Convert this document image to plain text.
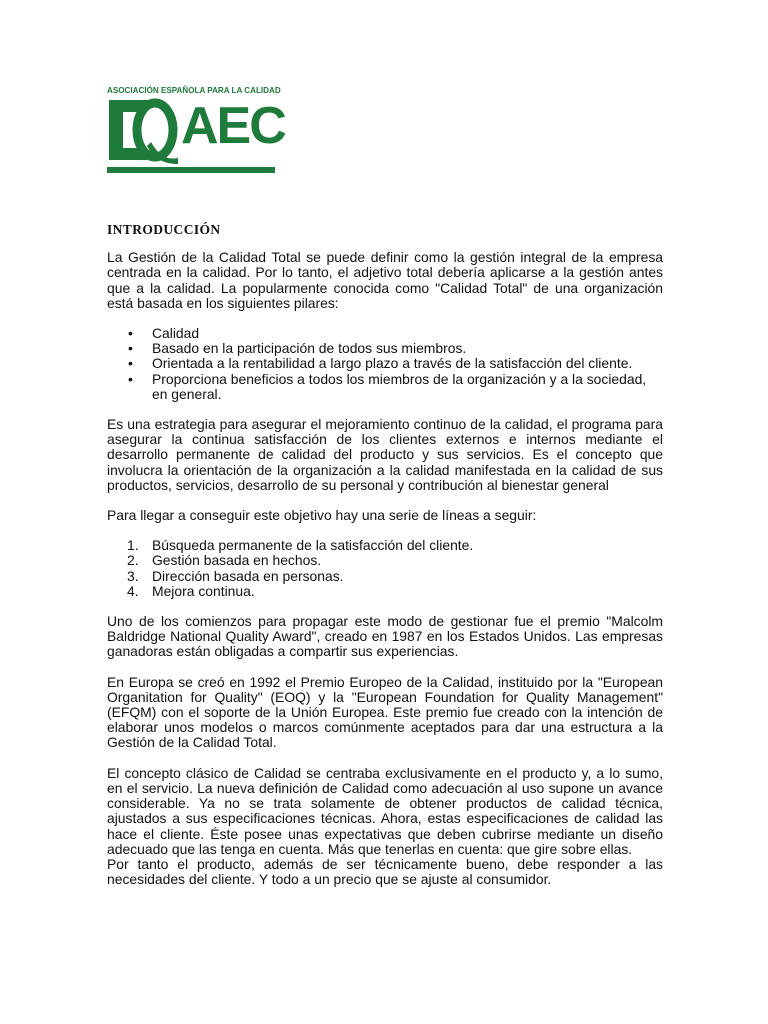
ASOCIACIÓN ESPAÑOLA PARA LA CALIDAD
AEC
INTRODUCCIÓN

La Gestión de la Calidad Total se puede definir como la gestión integral de la empresa centrada en la calidad. Por lo tanto, el adjetivo total debería aplicarse a la gestión antes que a la calidad. La popularmente conocida como "Calidad Total" de una organización está basada en los siguientes pilares:

• Calidad
• Basado en la participación de todos sus miembros.
• Orientada a la rentabilidad a largo plazo a través de la satisfacción del cliente.
• Proporciona beneficios a todos los miembros de la organización y a la sociedad, en general.

Es una estrategia para asegurar el mejoramiento continuo de la calidad, el programa para asegurar la continua satisfacción de los clientes externos e internos mediante el desarrollo permanente de calidad del producto y sus servicios. Es el concepto que involucra la orientación de la organización a la calidad manifestada en la calidad de sus productos, servicios, desarrollo de su personal y contribución al bienestar general

Para llegar a conseguir este objetivo hay una serie de líneas a seguir:

1. Búsqueda permanente de la satisfacción del cliente.
2. Gestión basada en hechos.
3. Dirección basada en personas.
4. Mejora continua.

Uno de los comienzos para propagar este modo de gestionar fue el premio "Malcolm Baldridge National Quality Award", creado en 1987 en los Estados Unidos. Las empresas ganadoras están obligadas a compartir sus experiencias.

En Europa se creó en 1992 el Premio Europeo de la Calidad, instituido por la "European Organitation for Quality" (EOQ) y la "European Foundation for Quality Management" (EFQM) con el soporte de la Unión Europea. Este premio fue creado con la intención de elaborar unos modelos o marcos comúnmente aceptados para dar una estructura a la Gestión de la Calidad Total.

El concepto clásico de Calidad se centraba exclusivamente en el producto y, a lo sumo, en el servicio. La nueva definición de Calidad como adecuación al uso supone un avance considerable. Ya no se trata solamente de obtener productos de calidad técnica, ajustados a sus especificaciones técnicas. Ahora, estas especificaciones de calidad las hace el cliente. Éste posee unas expectativas que deben cubrirse mediante un diseño adecuado que las tenga en cuenta. Más que tenerlas en cuenta: que gire sobre ellas.

Por tanto el producto, además de ser técnicamente bueno, debe responder a las necesidades del cliente. Y todo a un precio que se ajuste al consumidor.
